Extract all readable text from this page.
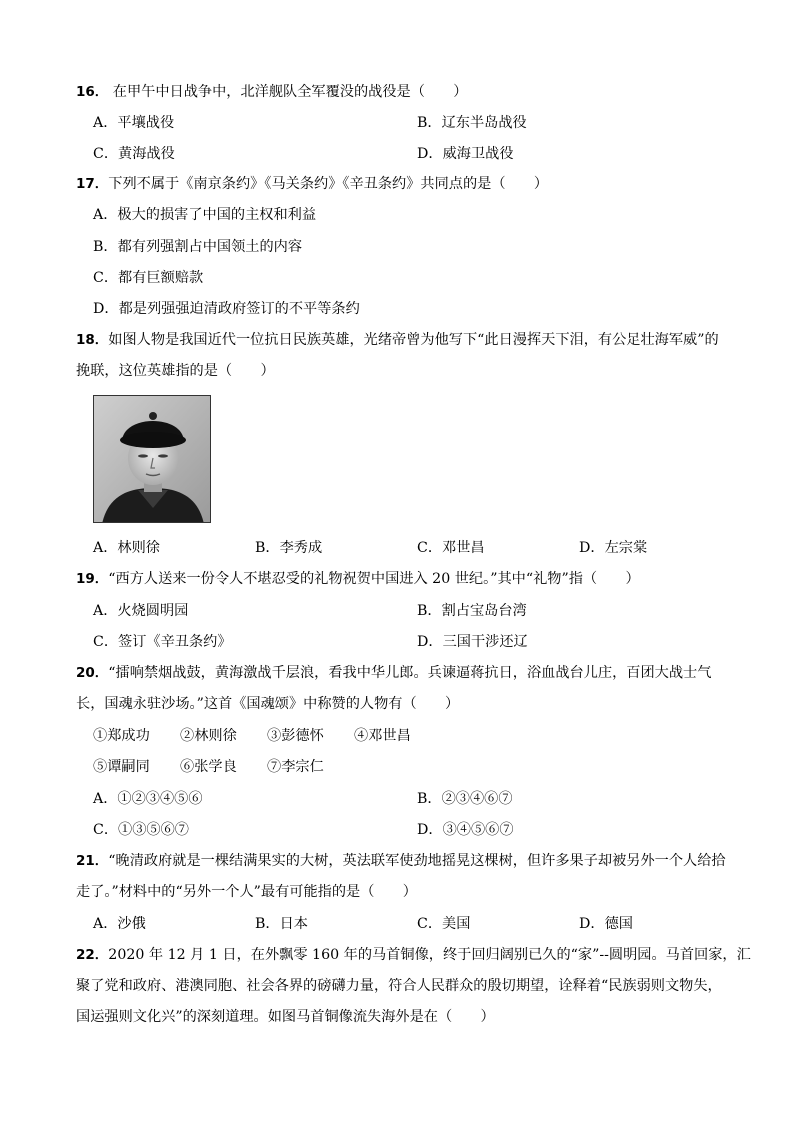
16． 在甲午中日战争中，北洋舰队全军覆没的战役是（　　）
A．平壤战役	B．辽东半岛战役
C．黄海战役	D．威海卫战役
17．下列不属于《南京条约》《马关条约》《辛丑条约》共同点的是（　　）
A．极大的损害了中国的主权和利益
B．都有列强割占中国领土的内容
C．都有巨额赔款
D．都是列强强迫清政府签订的不平等条约
18．如图人物是我国近代一位抗日民族英雄，光绪帝曾为他写下“此日漫挥天下泪，有公足壮海军威”的
挽联，这位英雄指的是（　　）
A．林则徐	B．李秀成	C．邓世昌	D．左宗棠
19．“西方人送来一份令人不堪忍受的礼物祝贺中国进入 20 世纪。”其中“礼物”指（　　）
A．火烧圆明园	B．割占宝岛台湾
C．签订《辛丑条约》	D．三国干涉还辽
20．“擂响禁烟战鼓，黄海激战千层浪，看我中华儿郎。兵谏逼蒋抗日，浴血战台儿庄，百团大战士气
长，国魂永驻沙场。”这首《国魂颂》中称赞的人物有（　　）
①郑成功 ②林则徐 ③彭德怀 ④邓世昌
⑤谭嗣同 ⑥张学良 ⑦李宗仁
A．①②③④⑤⑥	B．②③④⑥⑦
C．①③⑤⑥⑦	D．③④⑤⑥⑦
21．“晚清政府就是一棵结满果实的大树，英法联军使劲地摇晃这棵树，但许多果子却被另外一个人给拾
走了。”材料中的“另外一个人”最有可能指的是（　　）
A．沙俄	B．日本	C．美国	D．德国
22．2020 年 12 月 1 日，在外飘零 160 年的马首铜像，终于回归阔别已久的“家”--圆明园。马首回家，汇
聚了党和政府、港澳同胞、社会各界的磅礴力量，符合人民群众的殷切期望，诠释着“民族弱则文物失，
国运强则文化兴”的深刻道理。如图马首铜像流失海外是在（　　）
